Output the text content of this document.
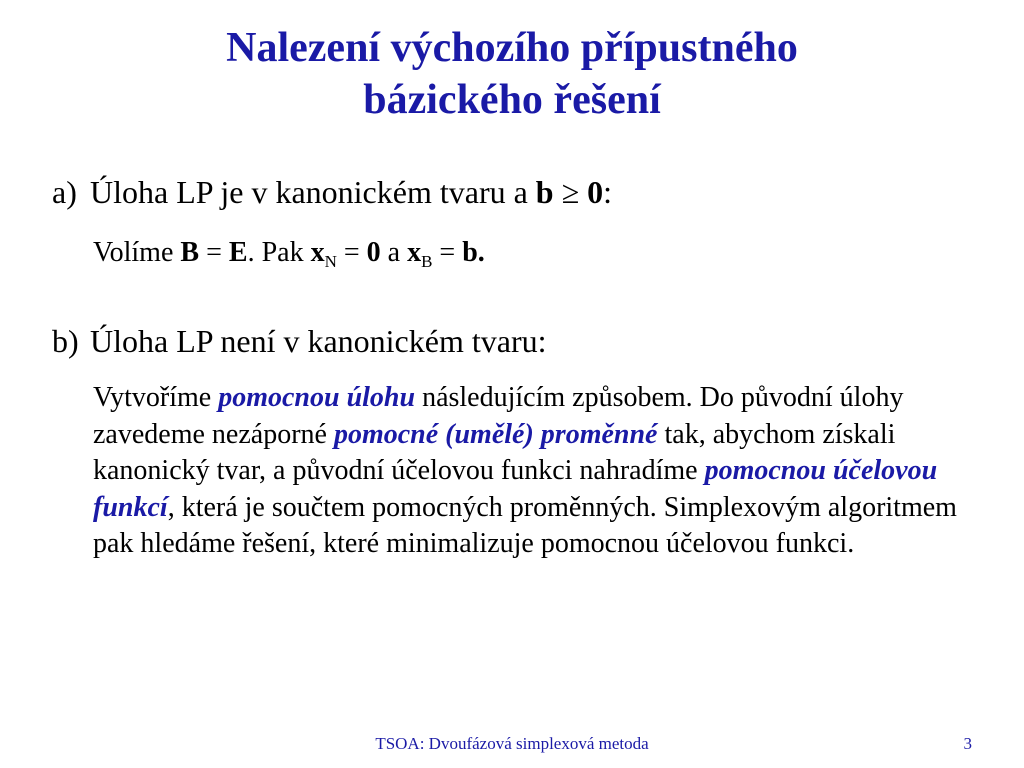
Nalezení výchozího přípustného
bázického řešení
a) Úloha LP je v kanonickém tvaru a b ≥ 0:
Volíme B = E. Pak $x_N = 0$ a $x_B = b$.
b) Úloha LP není v kanonickém tvaru:
Vytvoříme pomocnou úlohu následujícím způsobem. Do původní úlohy zavedeme nezáporné pomocné (umělé) proměnné tak, abychom získali kanonický tvar, a původní účelovou funkci nahradíme pomocnou účelovou funkcí, která je součtem pomocných proměnných. Simplexovým algoritmem pak hledáme řešení, které minimalizuje pomocnou účelovou funkci.
TSOA: Dvoufázová simplexová metoda	3
